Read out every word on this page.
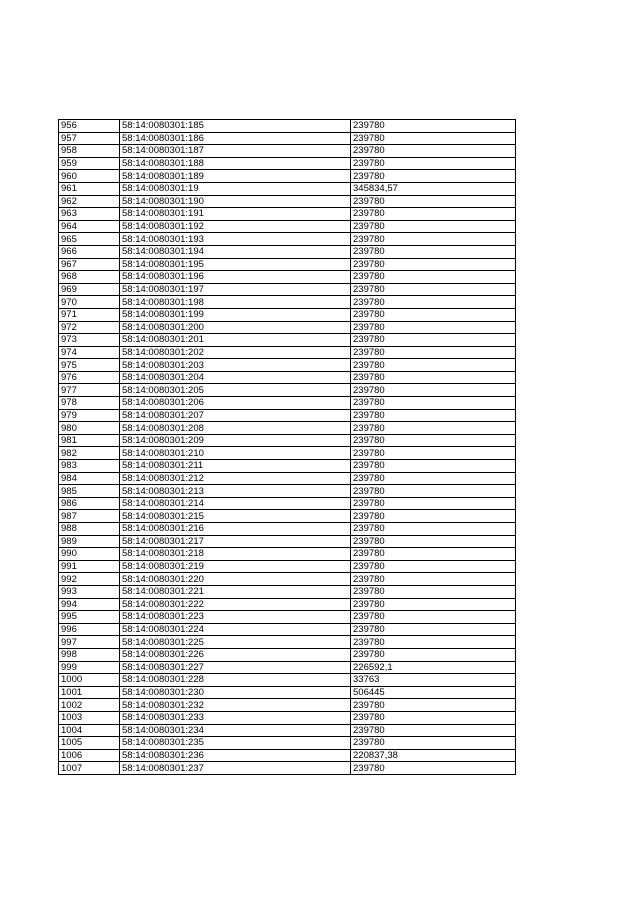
956	58:14:0080301:185	239780
957	58:14:0080301:186	239780
958	58:14:0080301:187	239780
959	58:14:0080301:188	239780
960	58:14:0080301:189	239780
961	58:14:0080301:19	345834,57
962	58:14:0080301:190	239780
963	58:14:0080301:191	239780
964	58:14:0080301:192	239780
965	58:14:0080301:193	239780
966	58:14:0080301:194	239780
967	58:14:0080301:195	239780
968	58:14:0080301:196	239780
969	58:14:0080301:197	239780
970	58:14:0080301:198	239780
971	58:14:0080301:199	239780
972	58:14:0080301:200	239780
973	58:14:0080301:201	239780
974	58:14:0080301:202	239780
975	58:14:0080301:203	239780
976	58:14:0080301:204	239780
977	58:14:0080301:205	239780
978	58:14:0080301:206	239780
979	58:14:0080301:207	239780
980	58:14:0080301:208	239780
981	58:14:0080301:209	239780
982	58:14:0080301:210	239780
983	58:14:0080301:211	239780
984	58:14:0080301:212	239780
985	58:14:0080301:213	239780
986	58:14:0080301:214	239780
987	58:14:0080301:215	239780
988	58:14:0080301:216	239780
989	58:14:0080301:217	239780
990	58:14:0080301:218	239780
991	58:14:0080301:219	239780
992	58:14:0080301:220	239780
993	58:14:0080301:221	239780
994	58:14:0080301:222	239780
995	58:14:0080301:223	239780
996	58:14:0080301:224	239780
997	58:14:0080301:225	239780
998	58:14:0080301:226	239780
999	58:14:0080301:227	226592,1
1000	58:14:0080301:228	33763
1001	58:14:0080301:230	506445
1002	58:14:0080301:232	239780
1003	58:14:0080301:233	239780
1004	58:14:0080301:234	239780
1005	58:14:0080301:235	239780
1006	58:14:0080301:236	220837,38
1007	58:14:0080301:237	239780
